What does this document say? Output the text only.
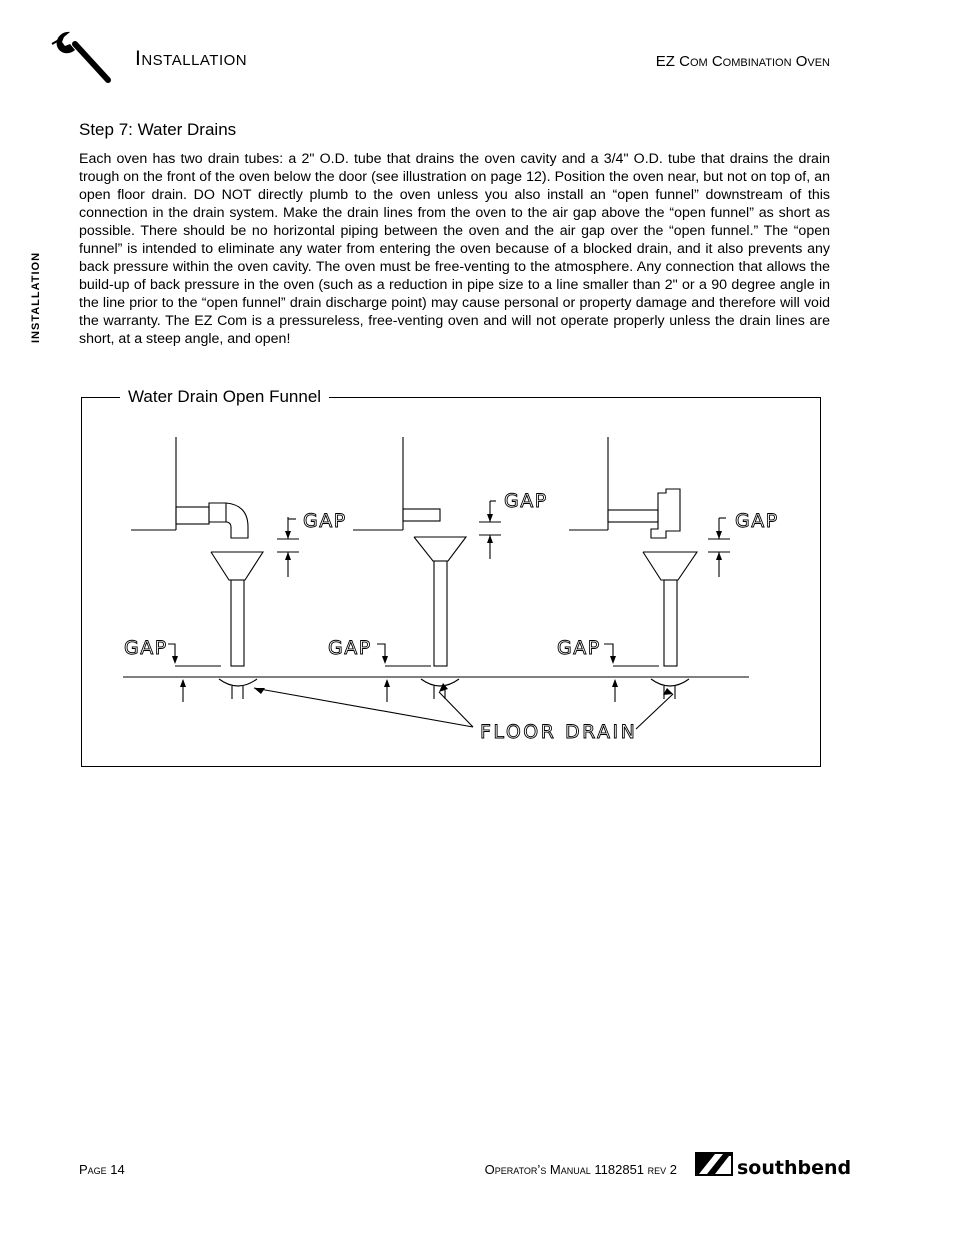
Installation	EZ Com Combination Oven
INSTALLATION
Step 7: Water Drains

Each oven has two drain tubes: a 2" O.D. tube that drains the oven cavity and a 3/4" O.D. tube that drains the drain trough on the front of the oven below the door (see illustration on page 12). Position the oven near, but not on top of, an open floor drain. DO NOT directly plumb to the oven unless you also install an “open funnel” downstream of this connection in the drain system. Make the drain lines from the oven to the air gap above the “open funnel” as short as possible. There should be no horizontal piping between the oven and the air gap over the “open funnel.” The “open funnel” is intended to eliminate any water from entering the oven because of a blocked drain, and it also prevents any back pressure within the oven cavity. The oven must be free-venting to the atmosphere. Any connection that allows the build-up of back pressure in the oven (such as a reduction in pipe size to a line smaller than 2" or a 90 degree angle in the line prior to the “open funnel” drain discharge point) may cause personal or property damage and therefore will void the warranty. The EZ Com is a pressureless, free-venting oven and will not operate properly unless the drain lines are short, at a steep angle, and open!

GAP
GAP
GAP
GAP	GAP	GAP
FLOOR DRAIN
Water Drain Open Funnel
Page 14	Operator’s Manual 1182851 rev 2	southbend
